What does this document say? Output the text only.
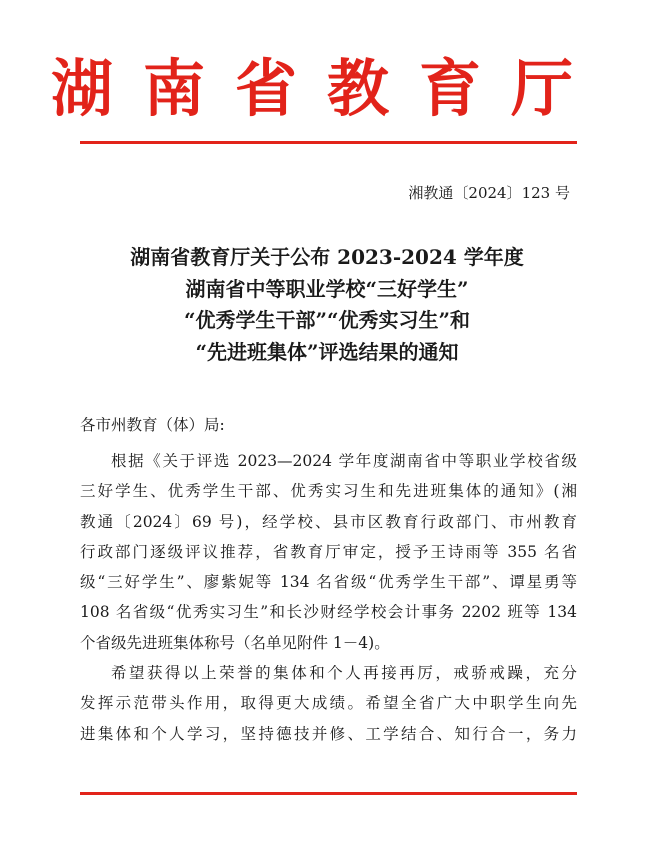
湖南省教育厅
湘教通〔2024〕123 号
湖南省教育厅关于公布 2023-2024 学年度
湖南省中等职业学校“三好学生”
“优秀学生干部”“优秀实习生”和
“先进班集体”评选结果的通知
各市州教育（体）局:
根据《关于评选 2023—2024 学年度湖南省中等职业学校省级
三好学生、优秀学生干部、优秀实习生和先进班集体的通知》(湘
教通〔2024〕69 号)，经学校、县市区教育行政部门、市州教育
行政部门逐级评议推荐，省教育厅审定，授予王诗雨等 355 名省
级“三好学生”、廖紫妮等 134 名省级“优秀学生干部”、谭星勇等
108 名省级“优秀实习生”和长沙财经学校会计事务 2202 班等 134
个省级先进班集体称号（名单见附件 1－4)。
希望获得以上荣誉的集体和个人再接再厉，戒骄戒躁，充分
发挥示范带头作用，取得更大成绩。希望全省广大中职学生向先
进集体和个人学习，坚持德技并修、工学结合、知行合一，务力
